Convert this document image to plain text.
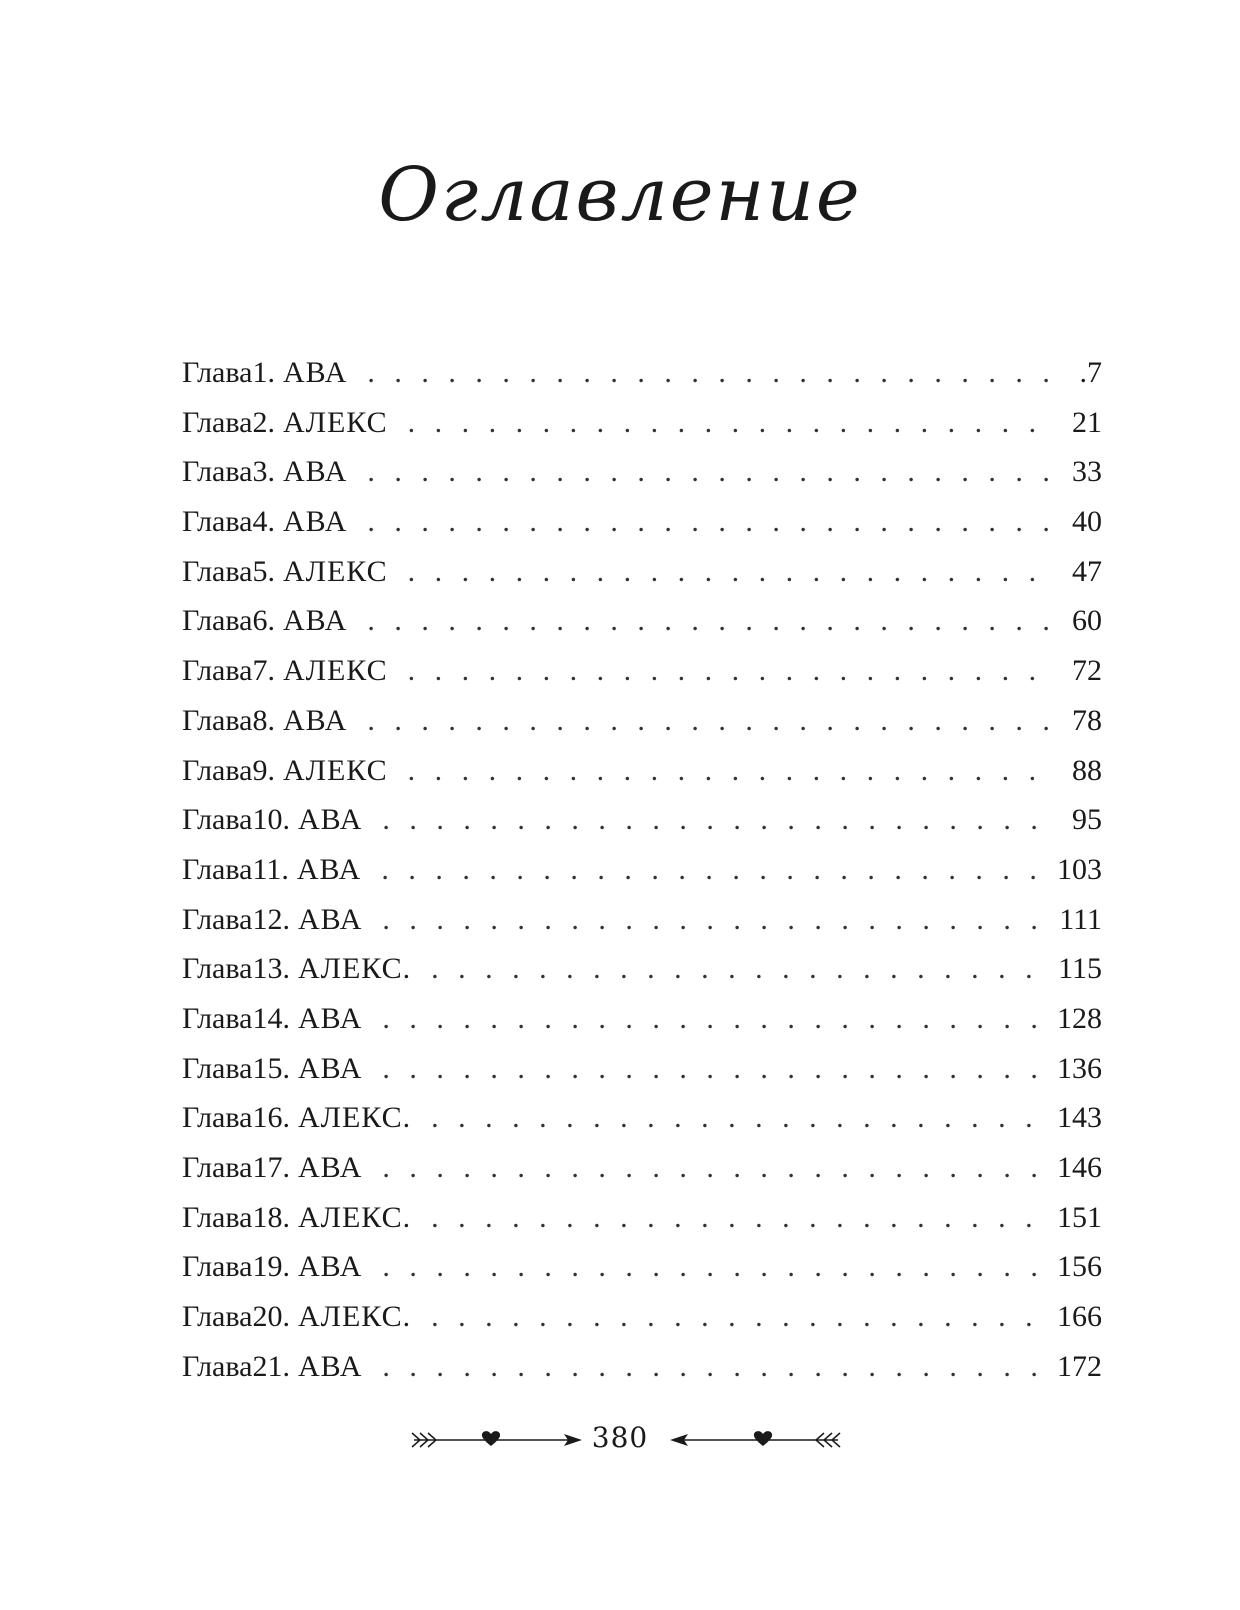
Оглавление
Глава 1. АВА . . .	.7
Глава 2. АЛЕКС . . .	21
Глава 3. АВА . . .	33
Глава 4. АВА . . .	40
Глава 5. АЛЕКС . . .	47
Глава 6. АВА . . .	60
Глава 7. АЛЕКС . . .	72
Глава 8. АВА . . .	78
Глава 9. АЛЕКС . . .	88
Глава 10. АВА . . .	95
Глава 11. АВА . . .	103
Глава 12. АВА . . .	111
Глава 13. АЛЕКС. . . .	115
Глава 14. АВА . . .	128
Глава 15. АВА . . .	136
Глава 16. АЛЕКС. . . .	143
Глава 17. АВА . . .	146
Глава 18. АЛЕКС. . . .	151
Глава 19. АВА . . .	156
Глава 20. АЛЕКС. . . .	166
Глава 21. АВА . . .	172
380
